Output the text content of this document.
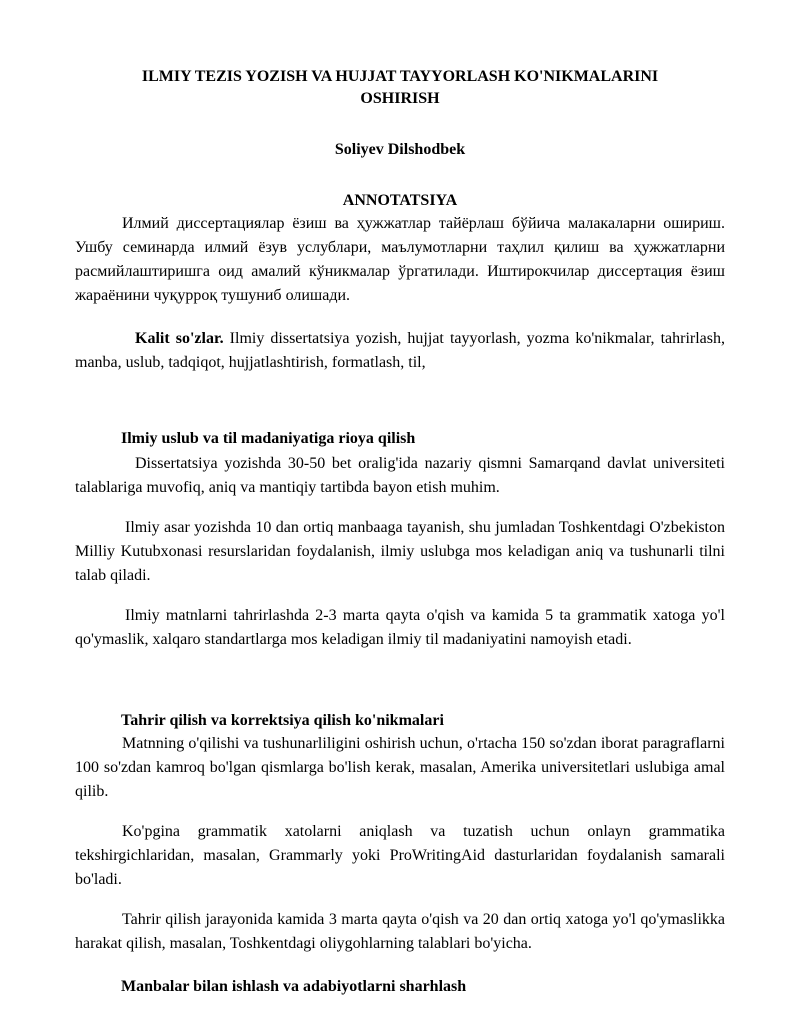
ILMIY TEZIS YOZISH VA HUJJAT TAYYORLASH KO'NIKMALARINI
OSHIRISH
Soliyev Dilshodbek
ANNOTATSIYA

Илмий диссертациялар ёзиш ва ҳужжатлар тайёрлаш бўйича малакаларни ошириш. Ушбу семинарда илмий ёзув услублари, маълумотларни таҳлил қилиш ва ҳужжатларни расмийлаштиришга оид амалий кўникмалар ўргатилади. Иштирокчилар диссертация ёзиш жараёнини чуқурроқ тушуниб олишади.

Kalit so'zlar. Ilmiy dissertatsiya yozish, hujjat tayyorlash, yozma ko'nikmalar, tahrirlash, manba, uslub, tadqiqot, hujjatlashtirish, formatlash, til,

Ilmiy uslub va til madaniyatiga rioya qilish

Dissertatsiya yozishda 30-50 bet oralig'ida nazariy qismni Samarqand davlat universiteti talablariga muvofiq, aniq va mantiqiy tartibda bayon etish muhim.

Ilmiy asar yozishda 10 dan ortiq manbaaga tayanish, shu jumladan Toshkentdagi O'zbekiston Milliy Kutubxonasi resurslaridan foydalanish, ilmiy uslubga mos keladigan aniq va tushunarli tilni talab qiladi.

Ilmiy matnlarni tahrirlashda 2-3 marta qayta o'qish va kamida 5 ta grammatik xatoga yo'l qo'ymaslik, xalqaro standartlarga mos keladigan ilmiy til madaniyatini namoyish etadi.

Tahrir qilish va korrektsiya qilish ko'nikmalari

Matnning o'qilishi va tushunarliligini oshirish uchun, o'rtacha 150 so'zdan iborat paragraflarni 100 so'zdan kamroq bo'lgan qismlarga bo'lish kerak, masalan, Amerika universitetlari uslubiga amal qilib.

Ko'pgina grammatik xatolarni aniqlash va tuzatish uchun onlayn grammatika tekshirgichlaridan, masalan, Grammarly yoki ProWritingAid dasturlaridan foydalanish samarali bo'ladi.

Tahrir qilish jarayonida kamida 3 marta qayta o'qish va 20 dan ortiq xatoga yo'l qo'ymaslikka harakat qilish, masalan, Toshkentdagi oliygohlarning talablari bo'yicha.

Manbalar bilan ishlash va adabiyotlarni sharhlash
